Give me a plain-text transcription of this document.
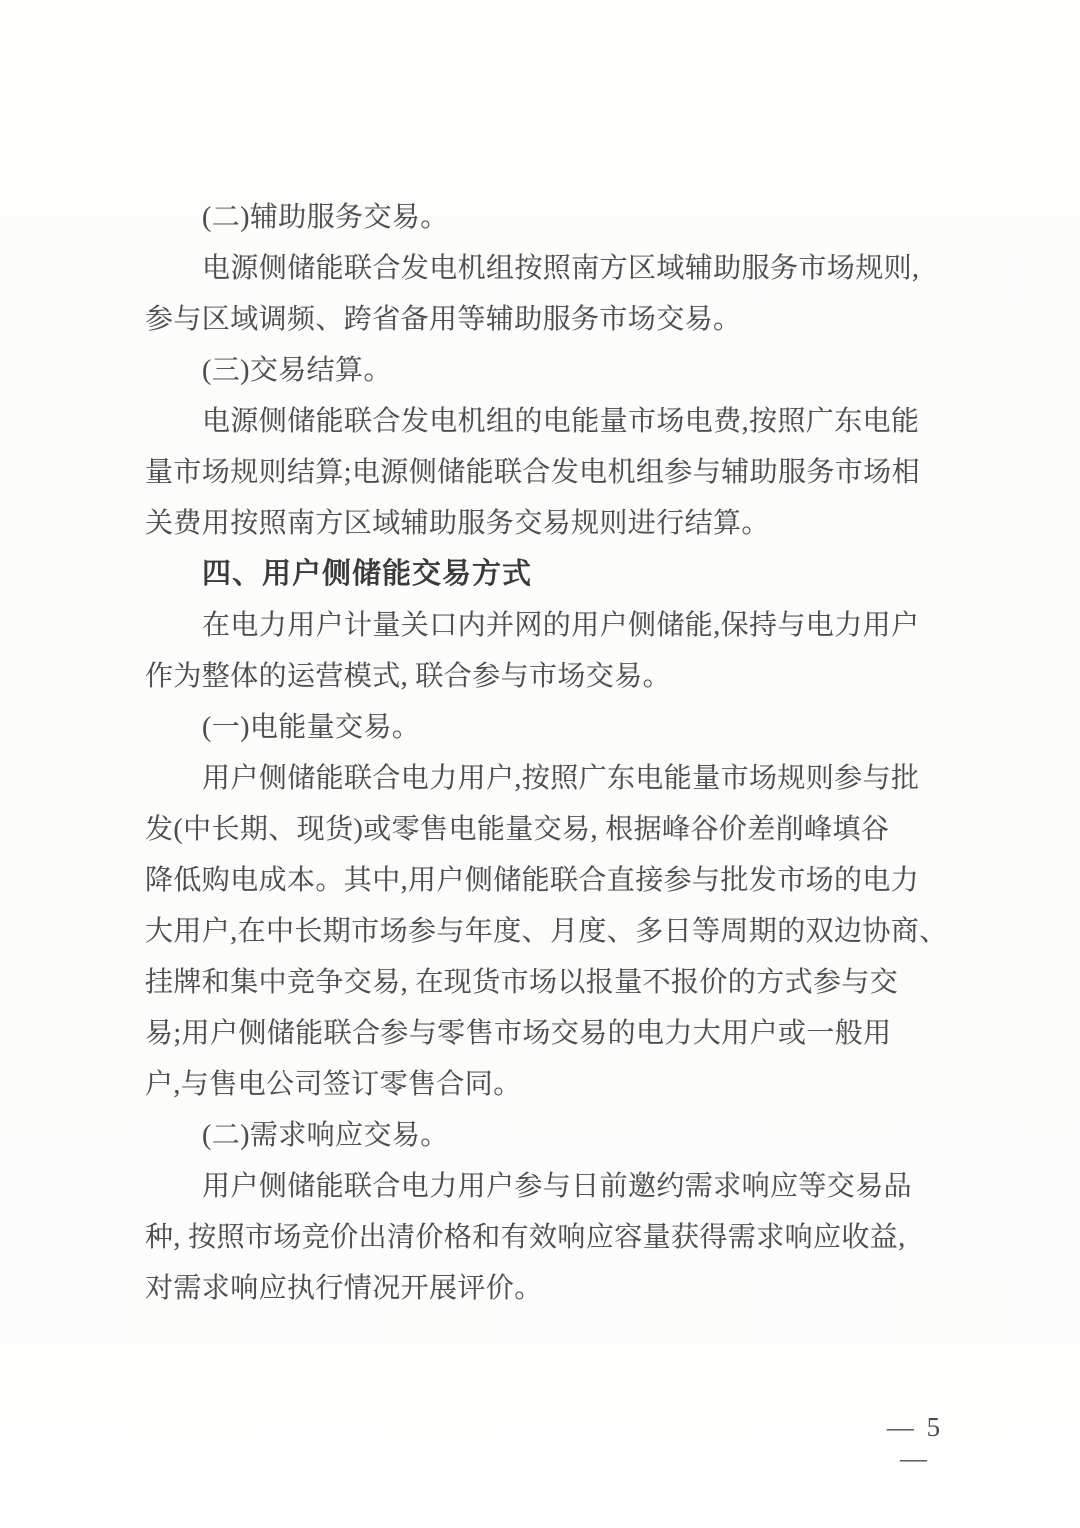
(二)辅助服务交易。
电源侧储能联合发电机组按照南方区域辅助服务市场规则,
参与区域调频、跨省备用等辅助服务市场交易。
(三)交易结算。
电源侧储能联合发电机组的电能量市场电费,按照广东电能
量市场规则结算;电源侧储能联合发电机组参与辅助服务市场相
关费用按照南方区域辅助服务交易规则进行结算。
四、用户侧储能交易方式
在电力用户计量关口内并网的用户侧储能,保持与电力用户
作为整体的运营模式, 联合参与市场交易。
(一)电能量交易。
用户侧储能联合电力用户,按照广东电能量市场规则参与批
发(中长期、现货)或零售电能量交易, 根据峰谷价差削峰填谷
降低购电成本。其中,用户侧储能联合直接参与批发市场的电力
大用户,在中长期市场参与年度、月度、多日等周期的双边协商、
挂牌和集中竞争交易, 在现货市场以报量不报价的方式参与交
易;用户侧储能联合参与零售市场交易的电力大用户或一般用
户,与售电公司签订零售合同。
(二)需求响应交易。
用户侧储能联合电力用户参与日前邀约需求响应等交易品
种, 按照市场竞价出清价格和有效响应容量获得需求响应收益,
对需求响应执行情况开展评价。
— 5 —
